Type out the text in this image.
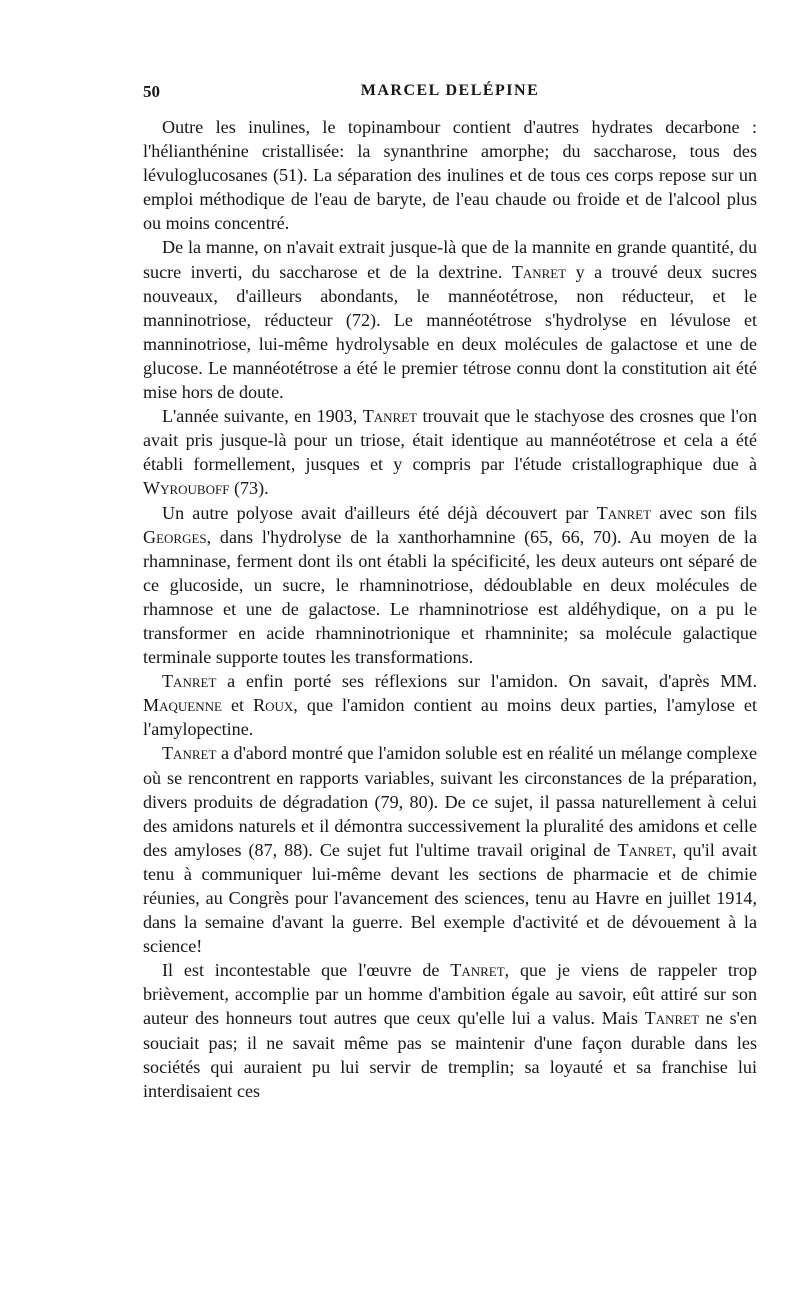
50	MARCEL DELÉPINE

Outre les inulines, le topinambour contient d'autres hydrates decarbone : l'hélianthénine cristallisée: la synanthrine amorphe; du saccharose, tous des lévuloglucosanes (51). La séparation des inulines et de tous ces corps repose sur un emploi méthodique de l'eau de baryte, de l'eau chaude ou froide et de l'alcool plus ou moins concentré.

De la manne, on n'avait extrait jusque-là que de la mannite en grande quantité, du sucre inverti, du saccharose et de la dextrine. Tanret y a trouvé deux sucres nouveaux, d'ailleurs abondants, le mannéotétrose, non réducteur, et le manninotriose, réducteur (72). Le mannéotétrose s'hydrolyse en lévulose et manninotriose, lui-même hydrolysable en deux molécules de galactose et une de glucose. Le mannéotétrose a été le premier tétrose connu dont la constitution ait été mise hors de doute.

L'année suivante, en 1903, Tanret trouvait que le stachyose des crosnes que l'on avait pris jusque-là pour un triose, était identique au mannéotétrose et cela a été établi formellement, jusques et y compris par l'étude cristallographique due à Wyrouboff (73).

Un autre polyose avait d'ailleurs été déjà découvert par Tanret avec son fils Georges, dans l'hydrolyse de la xanthorhamnine (65, 66, 70). Au moyen de la rhamninase, ferment dont ils ont établi la spécificité, les deux auteurs ont séparé de ce glucoside, un sucre, le rhamninotriose, dédoublable en deux molécules de rhamnose et une de galactose. Le rhamninotriose est aldéhydique, on a pu le transformer en acide rhamninotrionique et rhamninite; sa molécule galactique terminale supporte toutes les transformations.

Tanret a enfin porté ses réflexions sur l'amidon. On savait, d'après MM. Maquenne et Roux, que l'amidon contient au moins deux parties, l'amylose et l'amylopectine.

Tanret a d'abord montré que l'amidon soluble est en réalité un mélange complexe où se rencontrent en rapports variables, suivant les circonstances de la préparation, divers produits de dégradation (79, 80). De ce sujet, il passa naturellement à celui des amidons naturels et il démontra successivement la pluralité des amidons et celle des amyloses (87, 88). Ce sujet fut l'ultime travail original de Tanret, qu'il avait tenu à communiquer lui-même devant les sections de pharmacie et de chimie réunies, au Congrès pour l'avancement des sciences, tenu au Havre en juillet 1914, dans la semaine d'avant la guerre. Bel exemple d'activité et de dévouement à la science!

Il est incontestable que l'œuvre de Tanret, que je viens de rappeler trop brièvement, accomplie par un homme d'ambition égale au savoir, eût attiré sur son auteur des honneurs tout autres que ceux qu'elle lui a valus. Mais Tanret ne s'en souciait pas; il ne savait même pas se maintenir d'une façon durable dans les sociétés qui auraient pu lui servir de tremplin; sa loyauté et sa franchise lui interdisaient ces
